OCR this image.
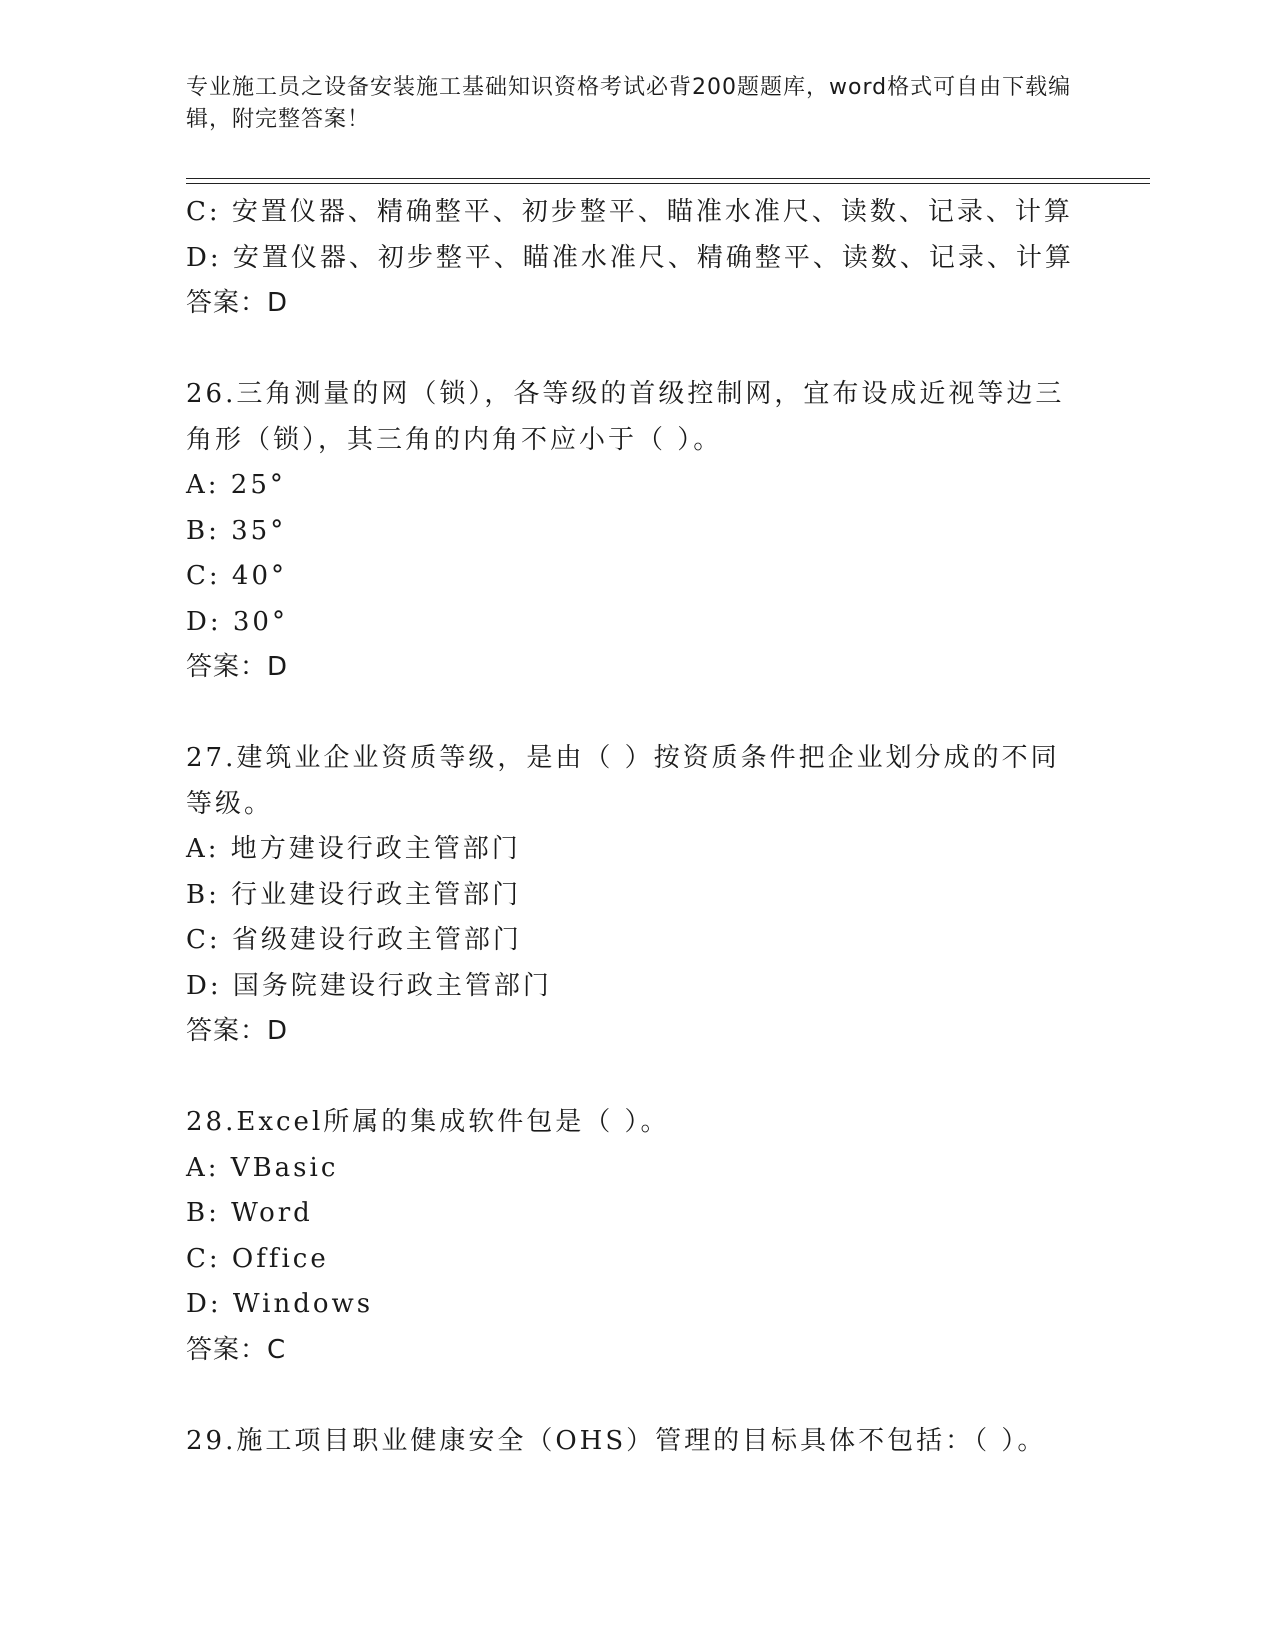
专业施工员之设备安装施工基础知识资格考试必背200题题库，word格式可自由下载编辑，附完整答案！
C: 安置仪器、精确整平、初步整平、瞄准水准尺、读数、记录、计算
D: 安置仪器、初步整平、瞄准水准尺、精确整平、读数、记录、计算
答案：D
26.三角测量的网（锁），各等级的首级控制网，宜布设成近视等边三角形（锁），其三角的内角不应小于（ ）。
A: 25°
B: 35°
C: 40°
D: 30°
答案：D
27.建筑业企业资质等级，是由（ ）按资质条件把企业划分成的不同等级。
A: 地方建设行政主管部门
B: 行业建设行政主管部门
C: 省级建设行政主管部门
D: 国务院建设行政主管部门
答案：D
28.Excel所属的集成软件包是（ ）。
A: VBasic
B: Word
C: Office
D: Windows
答案：C
29.施工项目职业健康安全（OHS）管理的目标具体不包括：（ ）。
